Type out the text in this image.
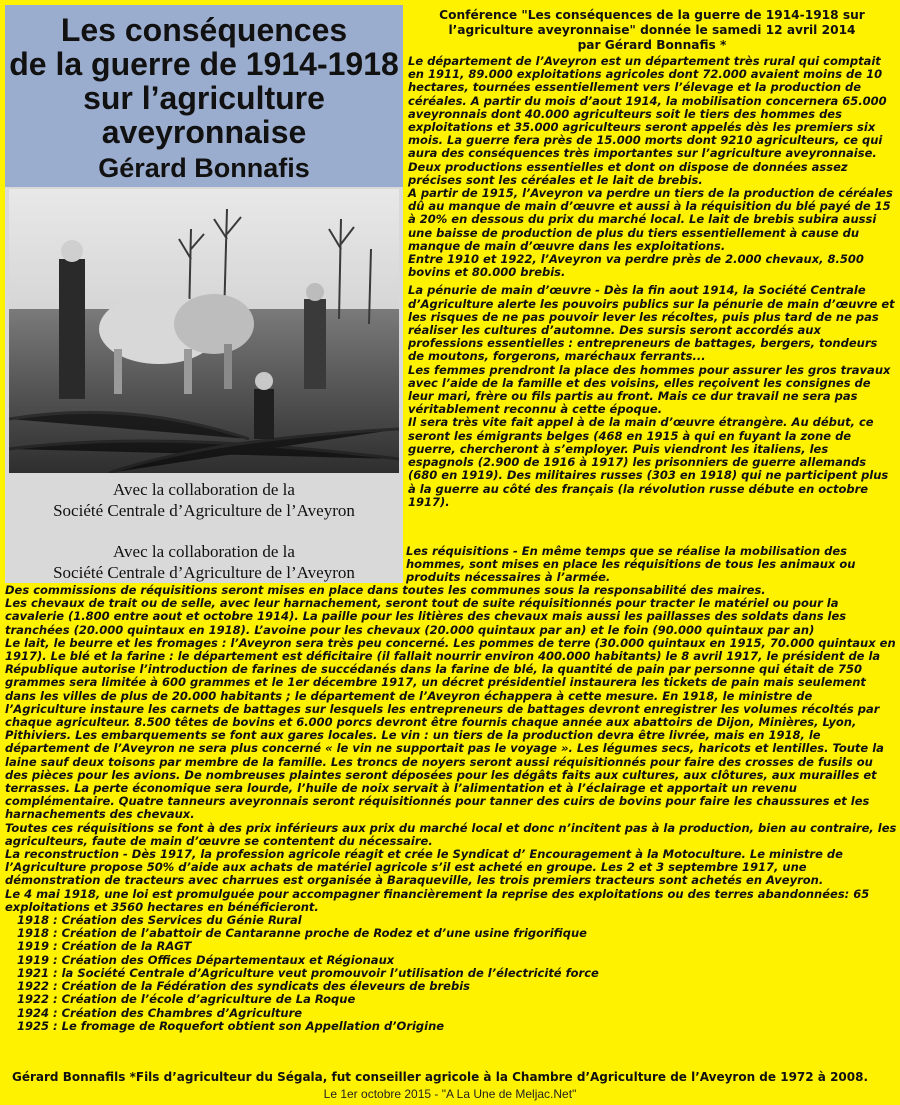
Les conséquences
de la guerre de 1914-1918
sur l’agriculture
aveyronnaise
Gérard Bonnafis
Avec la collaboration de la
Société Centrale d’Agriculture de l’Aveyron
Avec la collaboration de la
Société Centrale d’Agriculture de l’Aveyron
Conférence "Les conséquences de la guerre de 1914-1918 sur
l’agriculture aveyronnaise" donnée le samedi 12 avril 2014
par Gérard Bonnafis *

Le département de l’Aveyron est un département très rural qui comptait en 1911, 89.000 exploitations agricoles dont 72.000 avaient moins de 10 hectares, tournées essentiellement vers l’élevage et la production de céréales. A partir du mois d’aout 1914, la mobilisation concernera 65.000 aveyronnais dont 40.000 agriculteurs soit le tiers des hommes des exploitations et 35.000 agriculteurs seront appelés dès les premiers six mois. La guerre fera près de 15.000 morts dont 9210 agriculteurs, ce qui aura des conséquences très importantes sur l’agriculture aveyronnaise. Deux productions essentielles et dont on dispose de données assez précises sont les céréales et le lait de brebis.

A partir de 1915, l’Aveyron va perdre un tiers de la production de céréales dû au manque de main d’œuvre et aussi à la réquisition du blé payé de 15 à 20% en dessous du prix du marché local. Le lait de brebis subira aussi une baisse de production de plus du tiers essentiellement à cause du manque de main d’œuvre dans les exploitations.

Entre 1910 et 1922, l’Aveyron va perdre près de 2.000 chevaux, 8.500 bovins et 80.000 brebis.

La pénurie de main d’œuvre - Dès la fin aout 1914, la Société Centrale d’Agriculture alerte les pouvoirs publics sur la pénurie de main d’œuvre et les risques de ne pas pouvoir lever les récoltes, puis plus tard de ne pas réaliser les cultures d’automne. Des sursis seront accordés aux professions essentielles : entrepreneurs de battages, bergers, tondeurs de moutons, forgerons, maréchaux ferrants...

Les femmes prendront la place des hommes pour assurer les gros travaux avec l’aide de la famille et des voisins, elles reçoivent les consignes de leur mari, frère ou fils partis au front. Mais ce dur travail ne sera pas véritablement reconnu à cette époque.

Il sera très vite fait appel à de la main d’œuvre étrangère. Au début, ce seront les émigrants belges (468 en 1915 à qui en fuyant la zone de guerre, chercheront à s’employer. Puis viendront les italiens, les espagnols (2.900 de 1916 à 1917) les prisonniers de guerre allemands (680 en 1919). Des militaires russes (303 en 1918) qui ne participent plus à la guerre au côté des français (la révolution russe débute en octobre 1917).

Les réquisitions - En même temps que se réalise la mobilisation des hommes, sont mises en place les réquisitions de tous les animaux ou produits nécessaires à l’armée.

Des commissions de réquisitions seront mises en place dans toutes les communes sous la responsabilité des maires.

Les chevaux de trait ou de selle, avec leur harnachement, seront tout de suite réquisitionnés pour tracter le matériel ou pour la cavalerie (1.800 entre aout et octobre 1914). La paille pour les litières des chevaux mais aussi les paillasses des soldats dans les tranchées (20.000 quintaux en 1918). L’avoine pour les chevaux (20.000 quintaux par an) et le foin (90.000 quintaux par an)

Le lait, le beurre et les fromages : l’Aveyron sera très peu concerné. Les pommes de terre (30.000 quintaux en 1915, 70.000 quintaux en 1917). Le blé et la farine : le département est déficitaire (il fallait nourrir environ 400.000 habitants) le 8 avril 1917, le président de la République autorise l’introduction de farines de succédanés dans la farine de blé, la quantité de pain par personne qui était de 750 grammes sera limitée à 600 grammes et le 1er décembre 1917, un décret présidentiel instaurera les tickets de pain mais seulement dans les villes de plus de 20.000 habitants ; le département de l’Aveyron échappera à cette mesure. En 1918, le ministre de l’Agriculture instaure les carnets de battages sur lesquels les entrepreneurs de battages devront enregistrer les volumes récoltés par chaque agriculteur. 8.500 têtes de bovins et 6.000 porcs devront être fournis chaque année aux abattoirs de Dijon, Minières, Lyon, Pithiviers. Les embarquements se font aux gares locales. Le vin : un tiers de la production devra être livrée, mais en 1918, le département de l’Aveyron ne sera plus concerné « le vin ne supportait pas le voyage ». Les légumes secs, haricots et lentilles. Toute la laine sauf deux toisons par membre de la famille. Les troncs de noyers seront aussi réquisitionnés pour faire des crosses de fusils ou des pièces pour les avions. De nombreuses plaintes seront déposées pour les dégâts faits aux cultures, aux clôtures, aux murailles et terrasses. La perte économique sera lourde, l’huile de noix servait à l’alimentation et à l’éclairage et apportait un revenu complémentaire. Quatre tanneurs aveyronnais seront réquisitionnés pour tanner des cuirs de bovins pour faire les chaussures et les harnachements des chevaux.

Toutes ces réquisitions se font à des prix inférieurs aux prix du marché local et donc n’incitent pas à la production, bien au contraire, les agriculteurs, faute de main d’œuvre se contentent du nécessaire.

La reconstruction - Dès 1917, la profession agricole réagit et crée le Syndicat d’ Encouragement à la Motoculture. Le ministre de l’Agriculture propose 50% d’aide aux achats de matériel agricole s’il est acheté en groupe. Les 2 et 3 septembre 1917, une démonstration de tracteurs avec charrues est organisée à Baraqueville, les trois premiers tracteurs sont achetés en Aveyron.

Le 4 mai 1918, une loi est promulguée pour accompagner financièrement la reprise des exploitations ou des terres abandonnées: 65 exploitations et 3560 hectares en bénéficieront.

1918 : Création des Services du Génie Rural

1918 : Création de l’abattoir de Cantaranne proche de Rodez et d’une usine frigorifique

1919 : Création de la RAGT

1919 : Création des Offices Départementaux et Régionaux

1921 : la Société Centrale d’Agriculture veut promouvoir l’utilisation de l’électricité force

1922 : Création de la Fédération des syndicats des éleveurs de brebis

1922 : Création de l’école d’agriculture de La Roque

1924 : Création des Chambres d’Agriculture

1925 : Le fromage de Roquefort obtient son Appellation d’Origine

Gérard Bonnafils *Fils d’agriculteur du Ségala, fut conseiller agricole à la Chambre d’Agriculture de l’Aveyron de 1972 à 2008.
Le 1er octobre 2015 - "A La Une de Meljac.Net"
